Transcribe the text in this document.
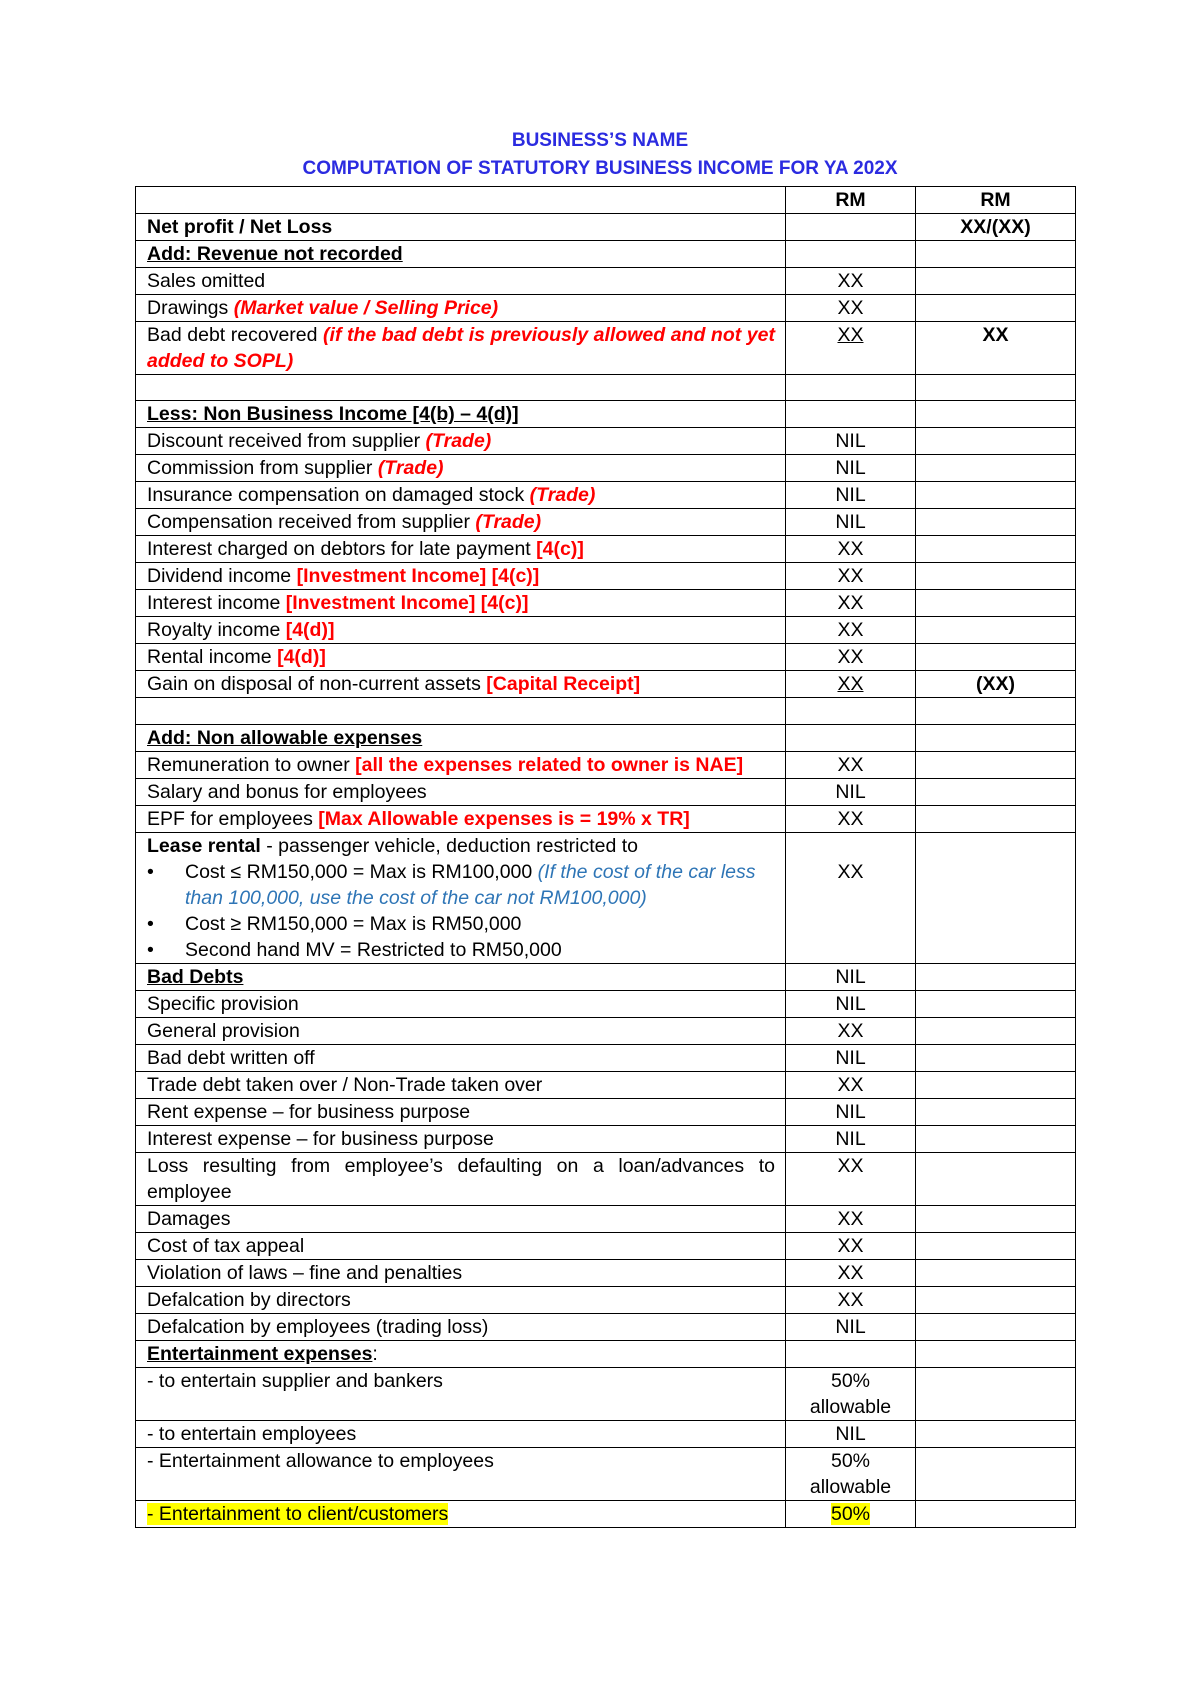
BUSINESS’S NAME
COMPUTATION OF STATUTORY BUSINESS INCOME FOR YA 202X
	RM	RM
Net profit / Net Loss		XX/(XX)
Add: Revenue not recorded		
Sales omitted	XX	
Drawings (Market value / Selling Price)	XX	
Bad debt recovered (if the bad debt is previously allowed and not yet added to SOPL)	XX	XX

Less: Non Business Income [4(b) – 4(d)]		
Discount received from supplier (Trade)	NIL	
Commission from supplier (Trade)	NIL	
Insurance compensation on damaged stock (Trade)	NIL	
Compensation received from supplier (Trade)	NIL	
Interest charged on debtors for late payment [4(c)]	XX	
Dividend income [Investment Income] [4(c)]	XX	
Interest income [Investment Income] [4(c)]	XX	
Royalty income [4(d)]	XX	
Rental income [4(d)]	XX	
Gain on disposal of non-current assets [Capital Receipt]	XX	(XX)

Add: Non allowable expenses		
Remuneration to owner [all the expenses related to owner is NAE]	XX	
Salary and bonus for employees	NIL	
EPF for employees [Max Allowable expenses is = 19% x TR]	XX	
Lease rental - passenger vehicle, deduction restricted to
• Cost ≤ RM150,000 = Max is RM100,000 (If the cost of the car less than 100,000, use the cost of the car not RM100,000)
• Cost ≥ RM150,000 = Max is RM50,000
• Second hand MV = Restricted to RM50,000	XX	
Bad Debts	NIL	
Specific provision	NIL	
General provision	XX	
Bad debt written off	NIL	
Trade debt taken over / Non-Trade taken over	XX	
Rent expense – for business purpose	NIL	
Interest expense – for business purpose	NIL	
Loss resulting from employee’s defaulting on a loan/advances to employee	XX	
Damages	XX	
Cost of tax appeal	XX	
Violation of laws – fine and penalties	XX	
Defalcation by directors	XX	
Defalcation by employees (trading loss)	NIL	
Entertainment expenses:		
- to entertain supplier and bankers	50% allowable	
- to entertain employees	NIL	
- Entertainment allowance to employees	50% allowable	
- Entertainment to client/customers	50%	
